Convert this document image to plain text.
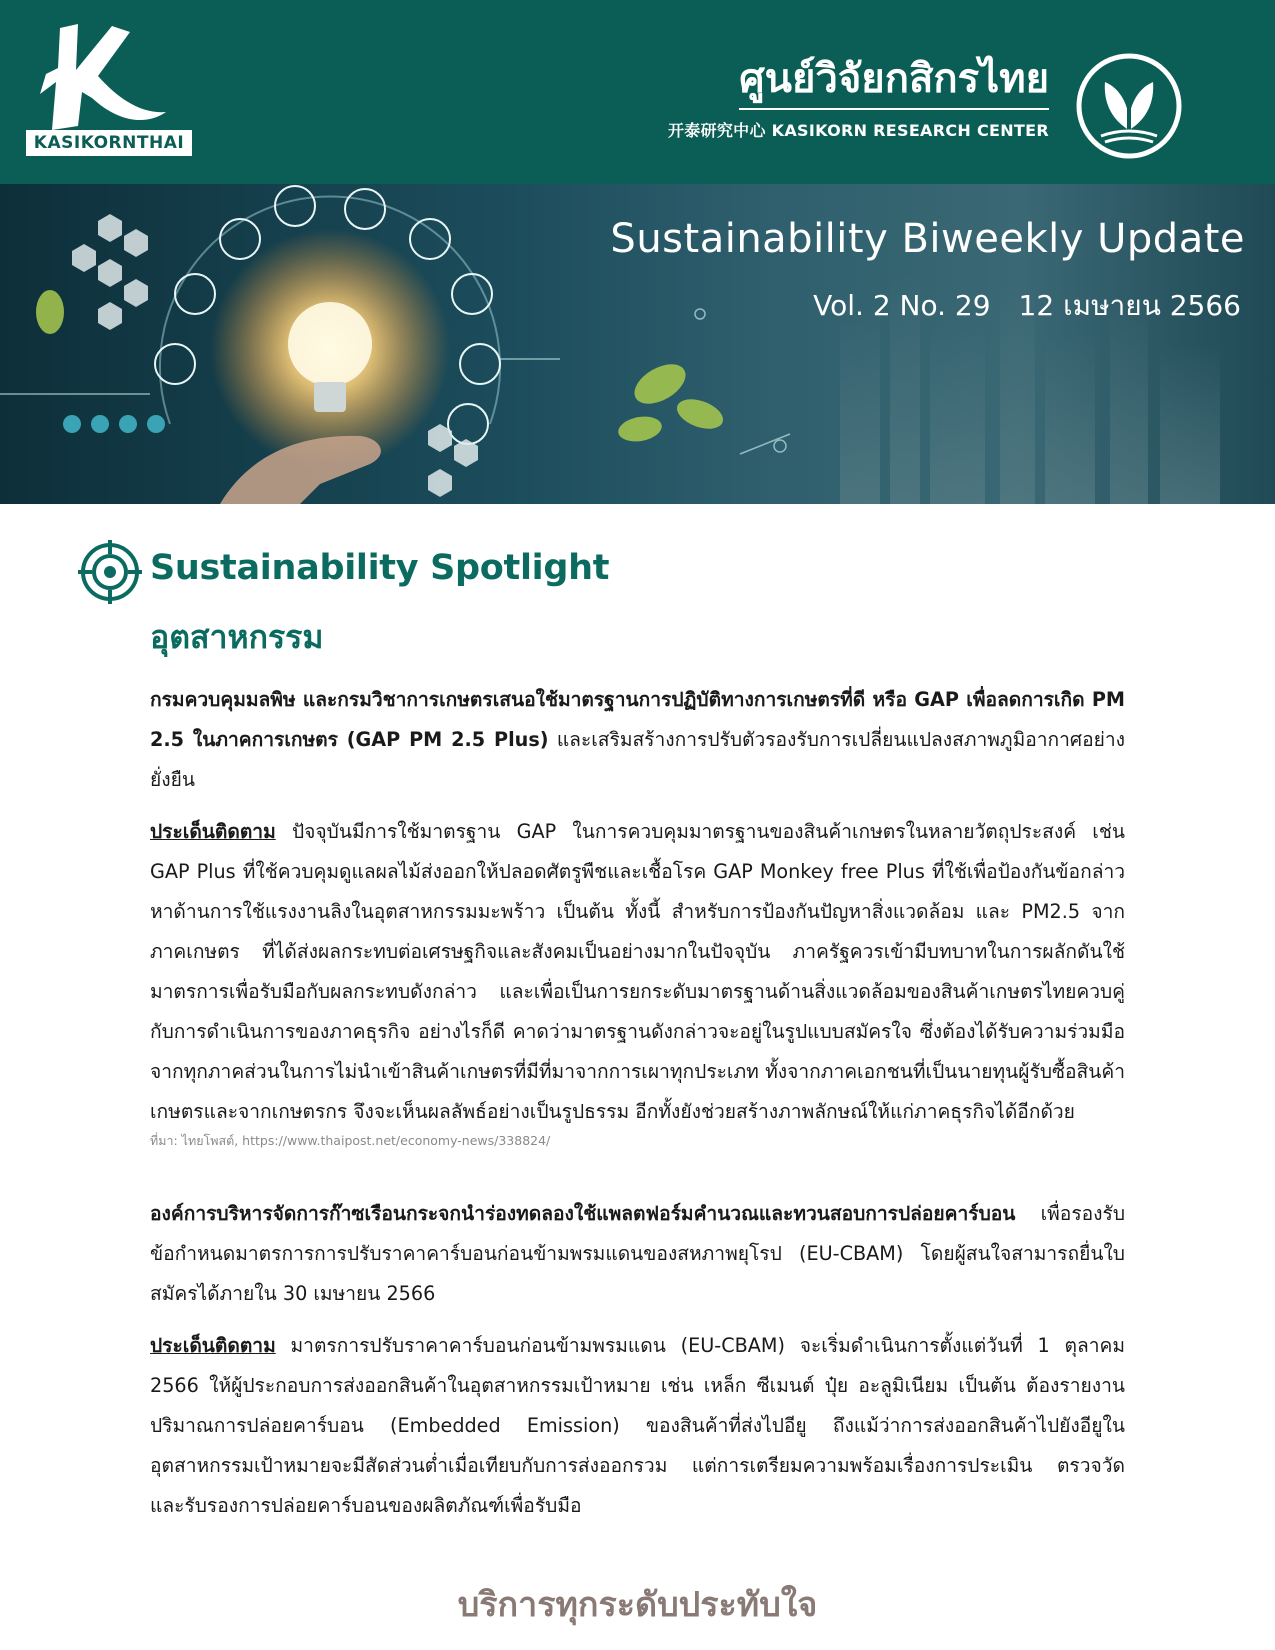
KASIKORNTHAI
ศูนย์วิจัยกสิกรไทย
开泰研究中心 KASIKORN RESEARCH CENTER
Sustainability Biweekly Update
Vol. 2 No. 29 12 เมษายน 2566
Sustainability Spotlight
อุตสาหกรรม

กรมควบคุมมลพิษ และกรมวิชาการเกษตรเสนอใช้มาตรฐานการปฏิบัติทางการเกษตรที่ดี หรือ GAP เพื่อลดการเกิด PM 2.5 ในภาคการเกษตร (GAP PM 2.5 Plus) และเสริมสร้างการปรับตัวรองรับการเปลี่ยนแปลงสภาพภูมิอากาศอย่างยั่งยืน

ประเด็นติดตาม ปัจจุบันมีการใช้มาตรฐาน GAP ในการควบคุมมาตรฐานของสินค้าเกษตรในหลายวัตถุประสงค์ เช่น GAP Plus ที่ใช้ควบคุมดูแลผลไม้ส่งออกให้ปลอดศัตรูพืชและเชื้อโรค GAP Monkey free Plus ที่ใช้เพื่อป้องกันข้อกล่าวหาด้านการใช้แรงงานลิงในอุตสาหกรรมมะพร้าว เป็นต้น ทั้งนี้ สำหรับการป้องกันปัญหาสิ่งแวดล้อม และ PM2.5 จากภาคเกษตร ที่ได้ส่งผลกระทบต่อเศรษฐกิจและสังคมเป็นอย่างมากในปัจจุบัน ภาครัฐควรเข้ามีบทบาทในการผลักดันใช้มาตรการเพื่อรับมือกับผลกระทบดังกล่าว และเพื่อเป็นการยกระดับมาตรฐานด้านสิ่งแวดล้อมของสินค้าเกษตรไทยควบคู่กับการดำเนินการของภาคธุรกิจ อย่างไรก็ดี คาดว่ามาตรฐานดังกล่าวจะอยู่ในรูปแบบสมัครใจ ซึ่งต้องได้รับความร่วมมือจากทุกภาคส่วนในการไม่นำเข้าสินค้าเกษตรที่มีที่มาจากการเผาทุกประเภท ทั้งจากภาคเอกชนที่เป็นนายทุนผู้รับซื้อสินค้าเกษตรและจากเกษตรกร จึงจะเห็นผลลัพธ์อย่างเป็นรูปธรรม อีกทั้งยังช่วยสร้างภาพลักษณ์ให้แก่ภาคธุรกิจได้อีกด้วย

ที่มา: ไทยโพสต์, https://www.thaipost.net/economy-news/338824/

องค์การบริหารจัดการก๊าซเรือนกระจกนำร่องทดลองใช้แพลตฟอร์มคำนวณและทวนสอบการปล่อยคาร์บอน เพื่อรองรับข้อกำหนดมาตรการการปรับราคาคาร์บอนก่อนข้ามพรมแดนของสหภาพยุโรป (EU-CBAM) โดยผู้สนใจสามารถยื่นใบสมัครได้ภายใน 30 เมษายน 2566

ประเด็นติดตาม มาตรการปรับราคาคาร์บอนก่อนข้ามพรมแดน (EU-CBAM) จะเริ่มดำเนินการตั้งแต่วันที่ 1 ตุลาคม 2566 ให้ผู้ประกอบการส่งออกสินค้าในอุตสาหกรรมเป้าหมาย เช่น เหล็ก ซีเมนต์ ปุ๋ย อะลูมิเนียม เป็นต้น ต้องรายงานปริมาณการปล่อยคาร์บอน (Embedded Emission) ของสินค้าที่ส่งไปอียู ถึงแม้ว่าการส่งออกสินค้าไปยังอียูในอุตสาหกรรมเป้าหมายจะมีสัดส่วนต่ำเมื่อเทียบกับการส่งออกรวม แต่การเตรียมความพร้อมเรื่องการประเมิน ตรวจวัด และรับรองการปล่อยคาร์บอนของผลิตภัณฑ์เพื่อรับมือ

บริการทุกระดับประทับใจ
